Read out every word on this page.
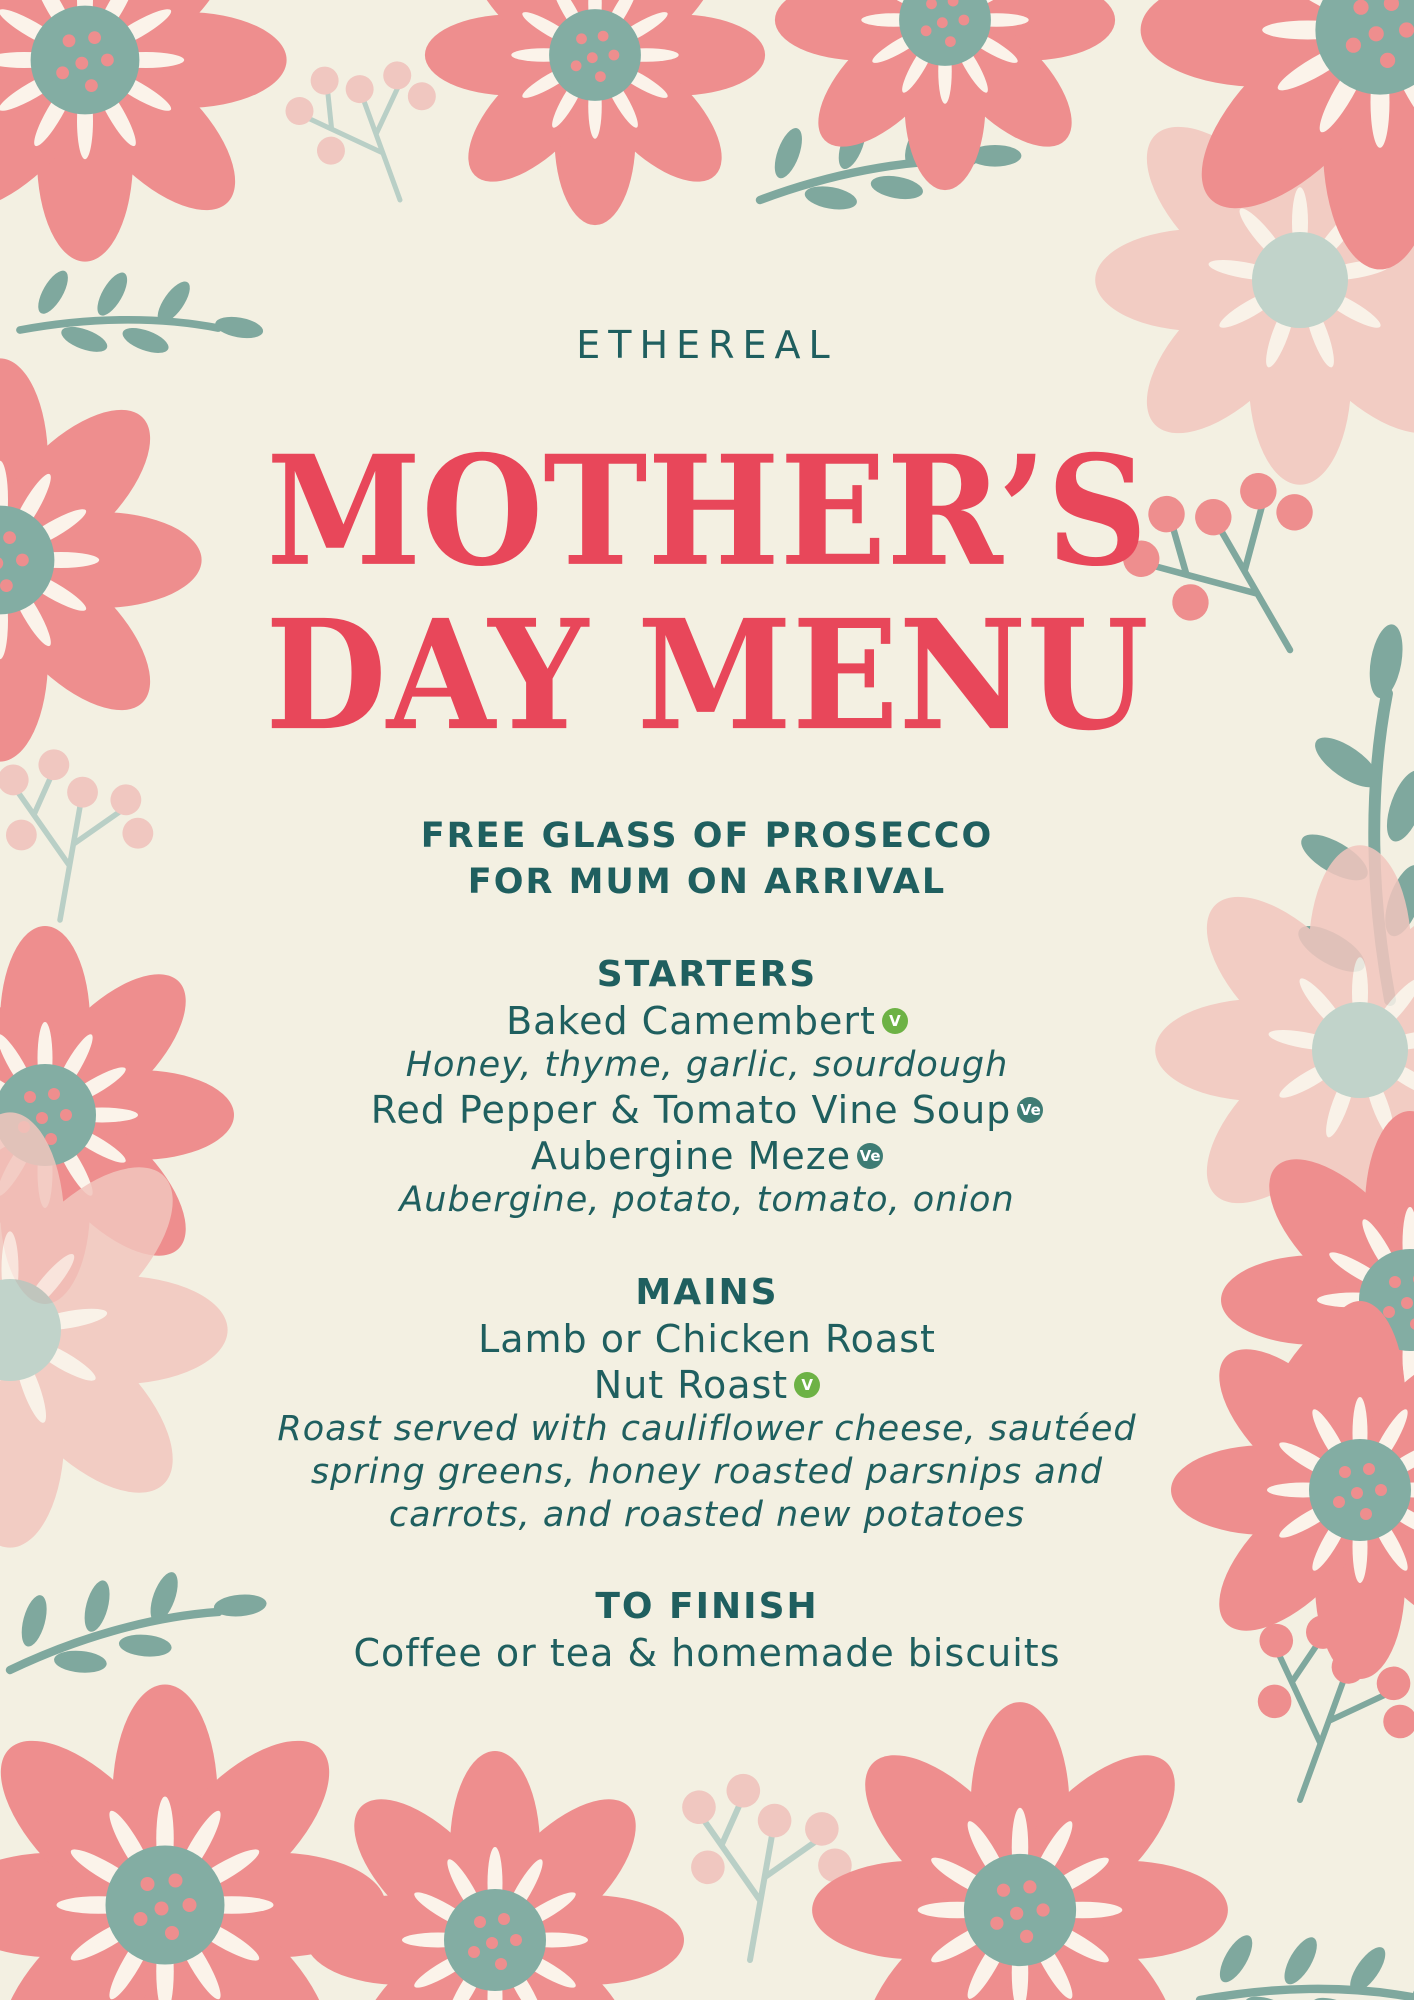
ETHEREAL
MOTHER’S
DAY MENU
FREE GLASS OF PROSECCO
FOR MUM ON ARRIVAL
STARTERS
Baked Camembert V
Honey, thyme, garlic, sourdough
Red Pepper & Tomato Vine Soup Ve
Aubergine Meze Ve
Aubergine, potato, tomato, onion
MAINS
Lamb or Chicken Roast
Nut Roast V
Roast served with cauliflower cheese, sautéed
spring greens, honey roasted parsnips and
carrots, and roasted new potatoes
TO FINISH
Coffee or tea & homemade biscuits
